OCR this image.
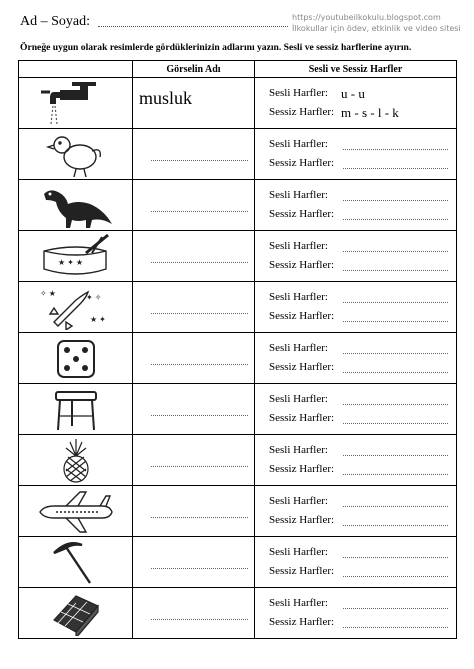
Ad – Soyad:	https://youtubeilkokulu.blogspot.com
İlkokullar için ödev, etkinlik ve video sitesi
Örneğe uygun olarak resimlerde gördüklerinizin adlarını yazın. Sesli ve sessiz harflerine ayırın.
	Görselin Adı	Sesli ve Sessiz Harfler

musluk	Sesli Harfler: u - u
Sessiz Harfler: m - s - l - k

Sesli Harfler:
Sessiz Harfler:

Sesli Harfler:
Sessiz Harfler:

Sesli Harfler:
Sessiz Harfler:

Sesli Harfler:
Sessiz Harfler:

Sesli Harfler:
Sessiz Harfler:

Sesli Harfler:
Sessiz Harfler:

Sesli Harfler:
Sessiz Harfler:

Sesli Harfler:
Sessiz Harfler:

Sesli Harfler:
Sessiz Harfler:

Sesli Harfler:
Sessiz Harfler:
